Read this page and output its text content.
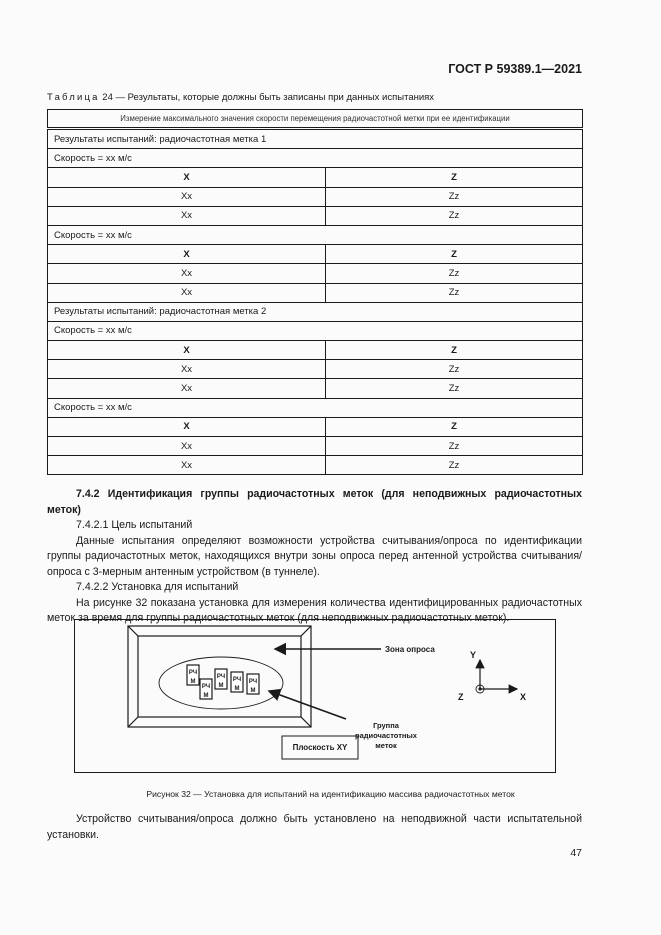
ГОСТ Р 59389.1—2021
Таблица 24 — Результаты, которые должны быть записаны при данных испытаниях
Измерение максимального значения скорости перемещения радиочастотной метки при ее идентификации	
Результаты испытаний: радиочастотная метка 1	
Скорость = хх м/с	
X	Z
Xx	Zz
Xx	Zz
Скорость = хх м/с	
X	Z
Xx	Zz
Xx	Zz
Результаты испытаний: радиочастотная метка 2	
Скорость = хх м/с	
X	Z
Xx	Zz
Xx	Zz
Скорость = хх м/с	
X	Z
Xx	Zz
Xx	Zz
7.4.2 Идентификация группы радиочастотных меток (для неподвижных радиочастотных меток)
7.4.2.1 Цель испытаний
Данные испытания определяют возможности устройства считывания/опроса по идентификации группы радиочастотных меток, находящихся внутри зоны опроса перед антенной устройства считывания/опроса с 3-мерным антенным устройством (в туннеле).
7.4.2.2 Установка для испытаний
На рисунке 32 показана установка для измерения количества идентифицированных радиочастотных меток за время для группы радиочастотных меток (для неподвижных радиочастотных меток).
РЧ
М
РЧ
М
РЧ
М
РЧ
М
РЧ
М
Зона опроса
Группа
радиочастотных
меток
Плоскость XY
Y
X
Z
Рисунок 32 — Установка для испытаний на идентификацию массива радиочастотных меток
Устройство считывания/опроса должно быть установлено на неподвижной части испытательной установки.
47
